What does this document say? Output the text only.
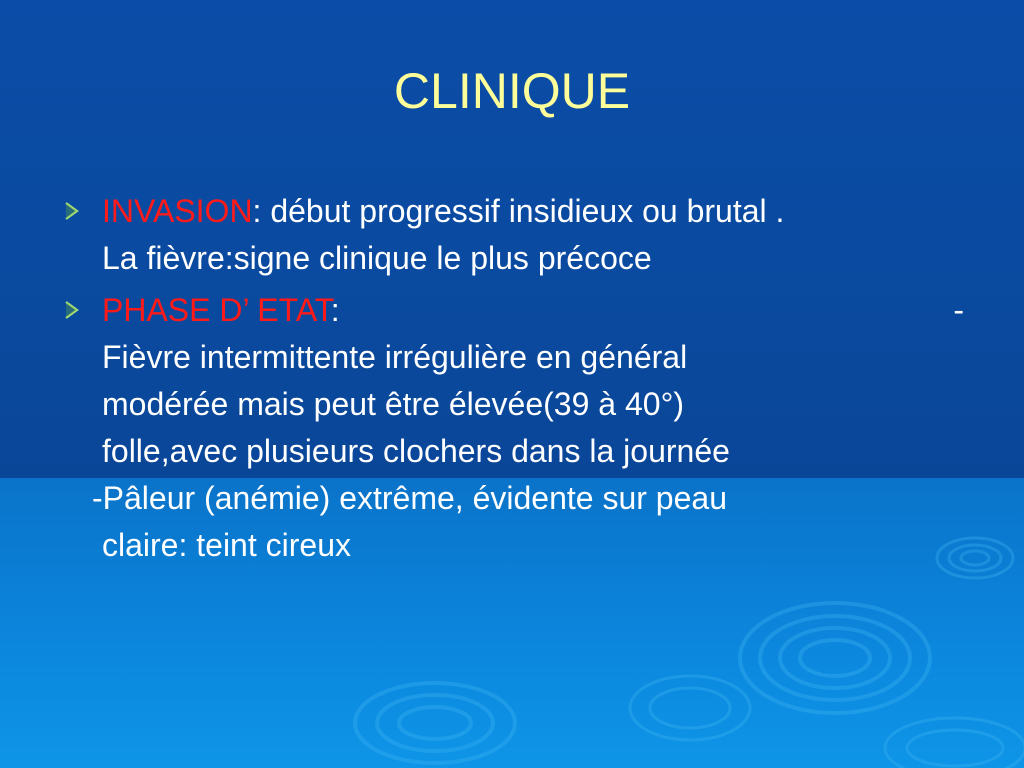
CLINIQUE
INVASION: début progressif insidieux ou brutal .
La fièvre:signe clinique le plus précoce
PHASE D’ ETAT:	-
Fièvre intermittente irrégulière en général
modérée mais peut être élevée(39 à 40°)
folle,avec plusieurs clochers dans la journée
-Pâleur (anémie) extrême, évidente sur peau
claire: teint cireux
